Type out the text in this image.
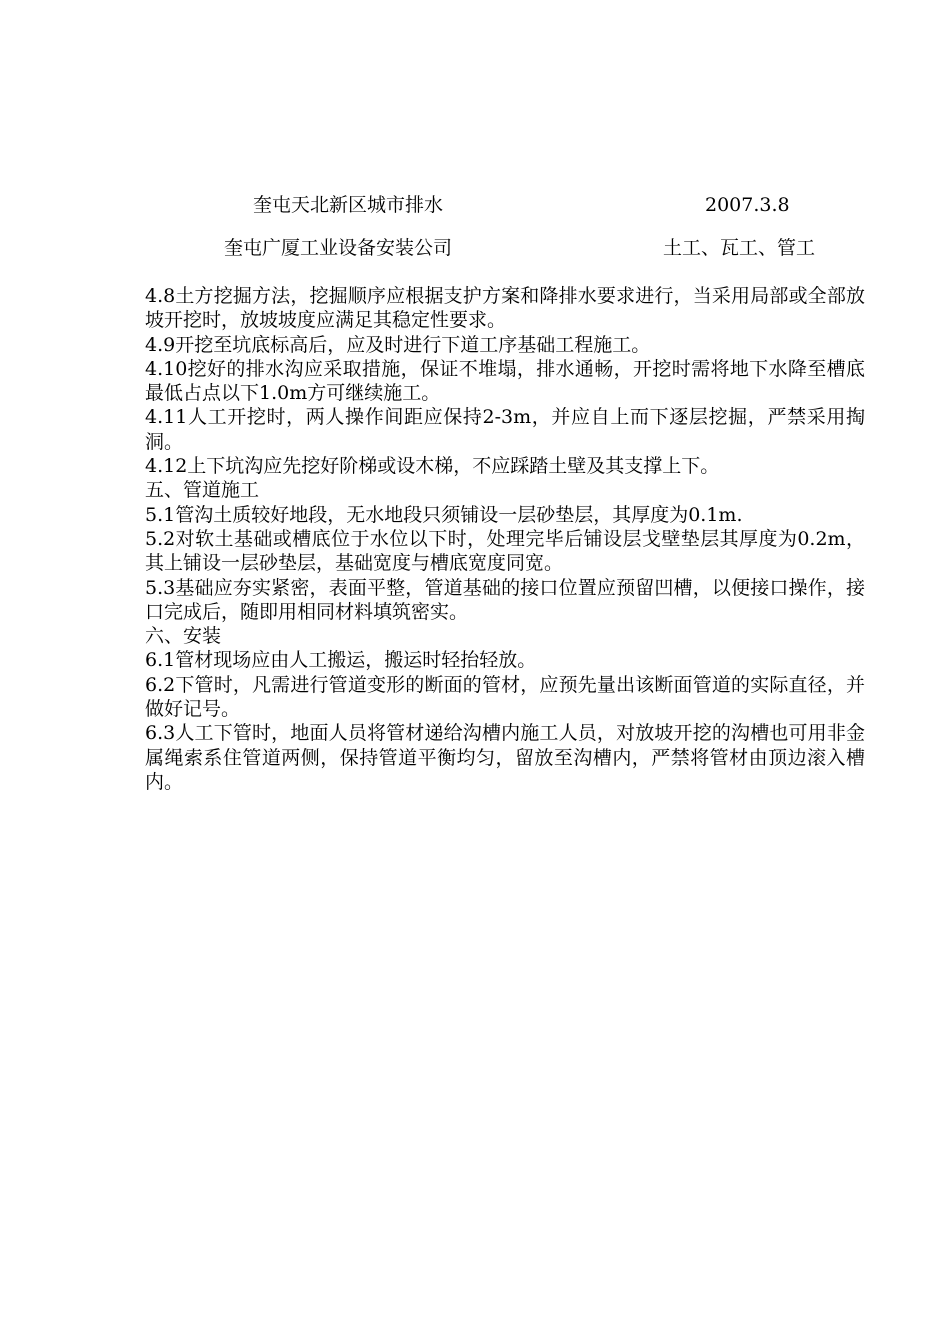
奎屯天北新区城市排水	2007.3.8
奎屯广厦工业设备安装公司	土工、瓦工、管工

4.8土方挖掘方法，挖掘顺序应根据支护方案和降排水要求进行，当采用局部或全部放坡开挖时，放坡坡度应满足其稳定性要求。

4.9开挖至坑底标高后，应及时进行下道工序基础工程施工。

4.10挖好的排水沟应采取措施，保证不堆塌，排水通畅，开挖时需将地下水降至槽底最低占点以下1.0m方可继续施工。

4.11人工开挖时，两人操作间距应保持2-3m，并应自上而下逐层挖掘，严禁采用掏洞。

4.12上下坑沟应先挖好阶梯或设木梯，不应踩踏土壁及其支撑上下。

五、管道施工

5.1管沟土质较好地段，无水地段只须铺设一层砂垫层，其厚度为0.1m.

5.2对软土基础或槽底位于水位以下时，处理完毕后铺设层戈壁垫层其厚度为0.2m，其上铺设一层砂垫层，基础宽度与槽底宽度同宽。

5.3基础应夯实紧密，表面平整，管道基础的接口位置应预留凹槽，以便接口操作，接口完成后，随即用相同材料填筑密实。

六、安装

6.1管材现场应由人工搬运，搬运时轻抬轻放。

6.2下管时，凡需进行管道变形的断面的管材，应预先量出该断面管道的实际直径，并做好记号。

6.3人工下管时，地面人员将管材递给沟槽内施工人员，对放坡开挖的沟槽也可用非金属绳索系住管道两侧，保持管道平衡均匀，留放至沟槽内，严禁将管材由顶边滚入槽内。
